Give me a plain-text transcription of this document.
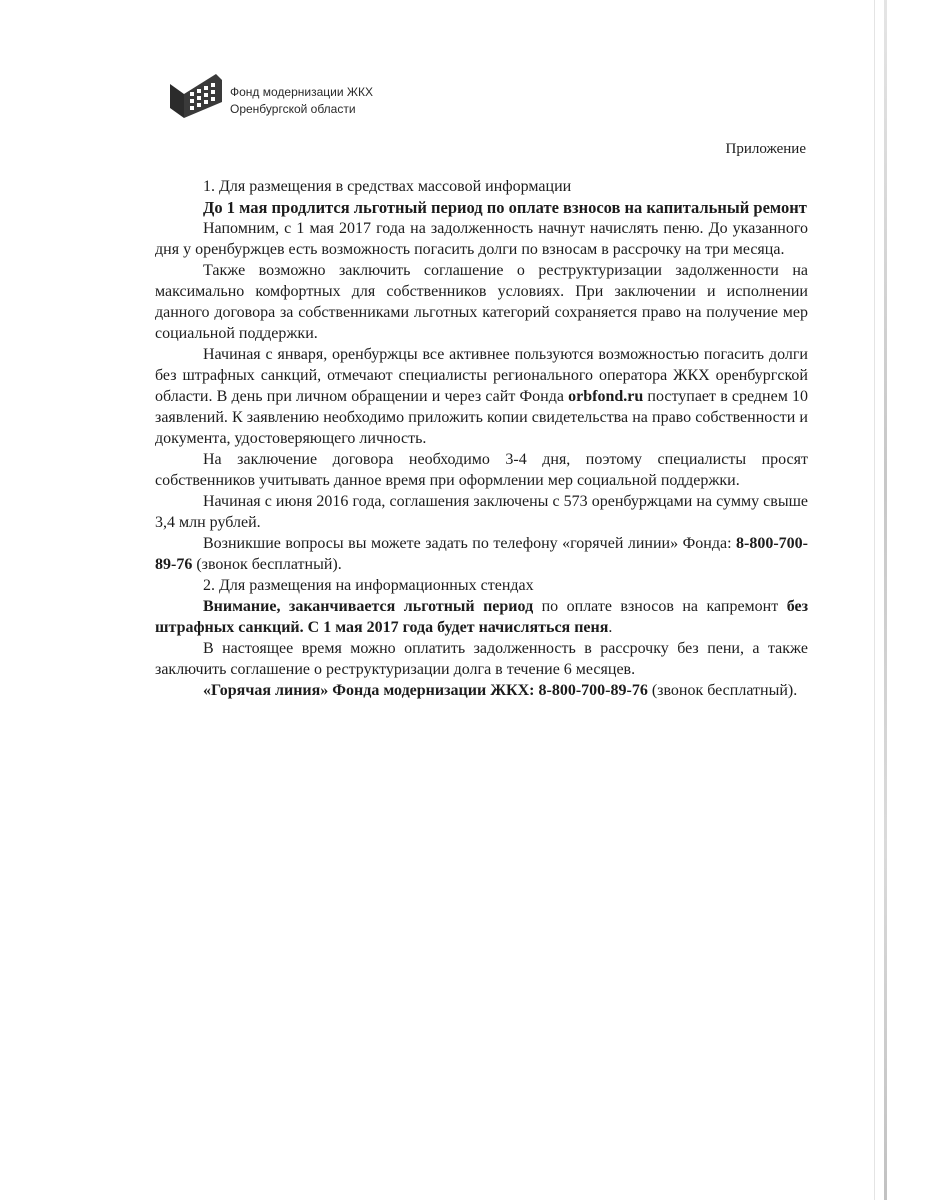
Фонд модернизации ЖКХ
Оренбургской области
Приложение

1. Для размещения в средствах массовой информации

До 1 мая продлится льготный период по оплате взносов на капитальный ремонт

Напомним, с 1 мая 2017 года на задолженность начнут начислять пеню. До указанного дня у оренбуржцев есть возможность погасить долги по взносам в рассрочку на три месяца.

Также возможно заключить соглашение о реструктуризации задолженности на максимально комфортных для собственников условиях. При заключении и исполнении данного договора за собственниками льготных категорий сохраняется право на получение мер социальной поддержки.

Начиная с января, оренбуржцы все активнее пользуются возможностью погасить долги без штрафных санкций, отмечают специалисты регионального оператора ЖКХ оренбургской области. В день при личном обращении и через сайт Фонда orbfond.ru поступает в среднем 10 заявлений. К заявлению необходимо приложить копии свидетельства на право собственности и документа, удостоверяющего личность.

На заключение договора необходимо 3-4 дня, поэтому специалисты просят собственников учитывать данное время при оформлении мер социальной поддержки.

Начиная с июня 2016 года, соглашения заключены с 573 оренбуржцами на сумму свыше 3,4 млн рублей.

Возникшие вопросы вы можете задать по телефону «горячей линии» Фонда: 8-800-700-89-76 (звонок бесплатный).

2. Для размещения на информационных стендах

Внимание, заканчивается льготный период по оплате взносов на капремонт без штрафных санкций. С 1 мая 2017 года будет начисляться пеня.

В настоящее время можно оплатить задолженность в рассрочку без пени, а также заключить соглашение о реструктуризации долга в течение 6 месяцев.

«Горячая линия» Фонда модернизации ЖКХ: 8-800-700-89-76 (звонок бесплатный).
